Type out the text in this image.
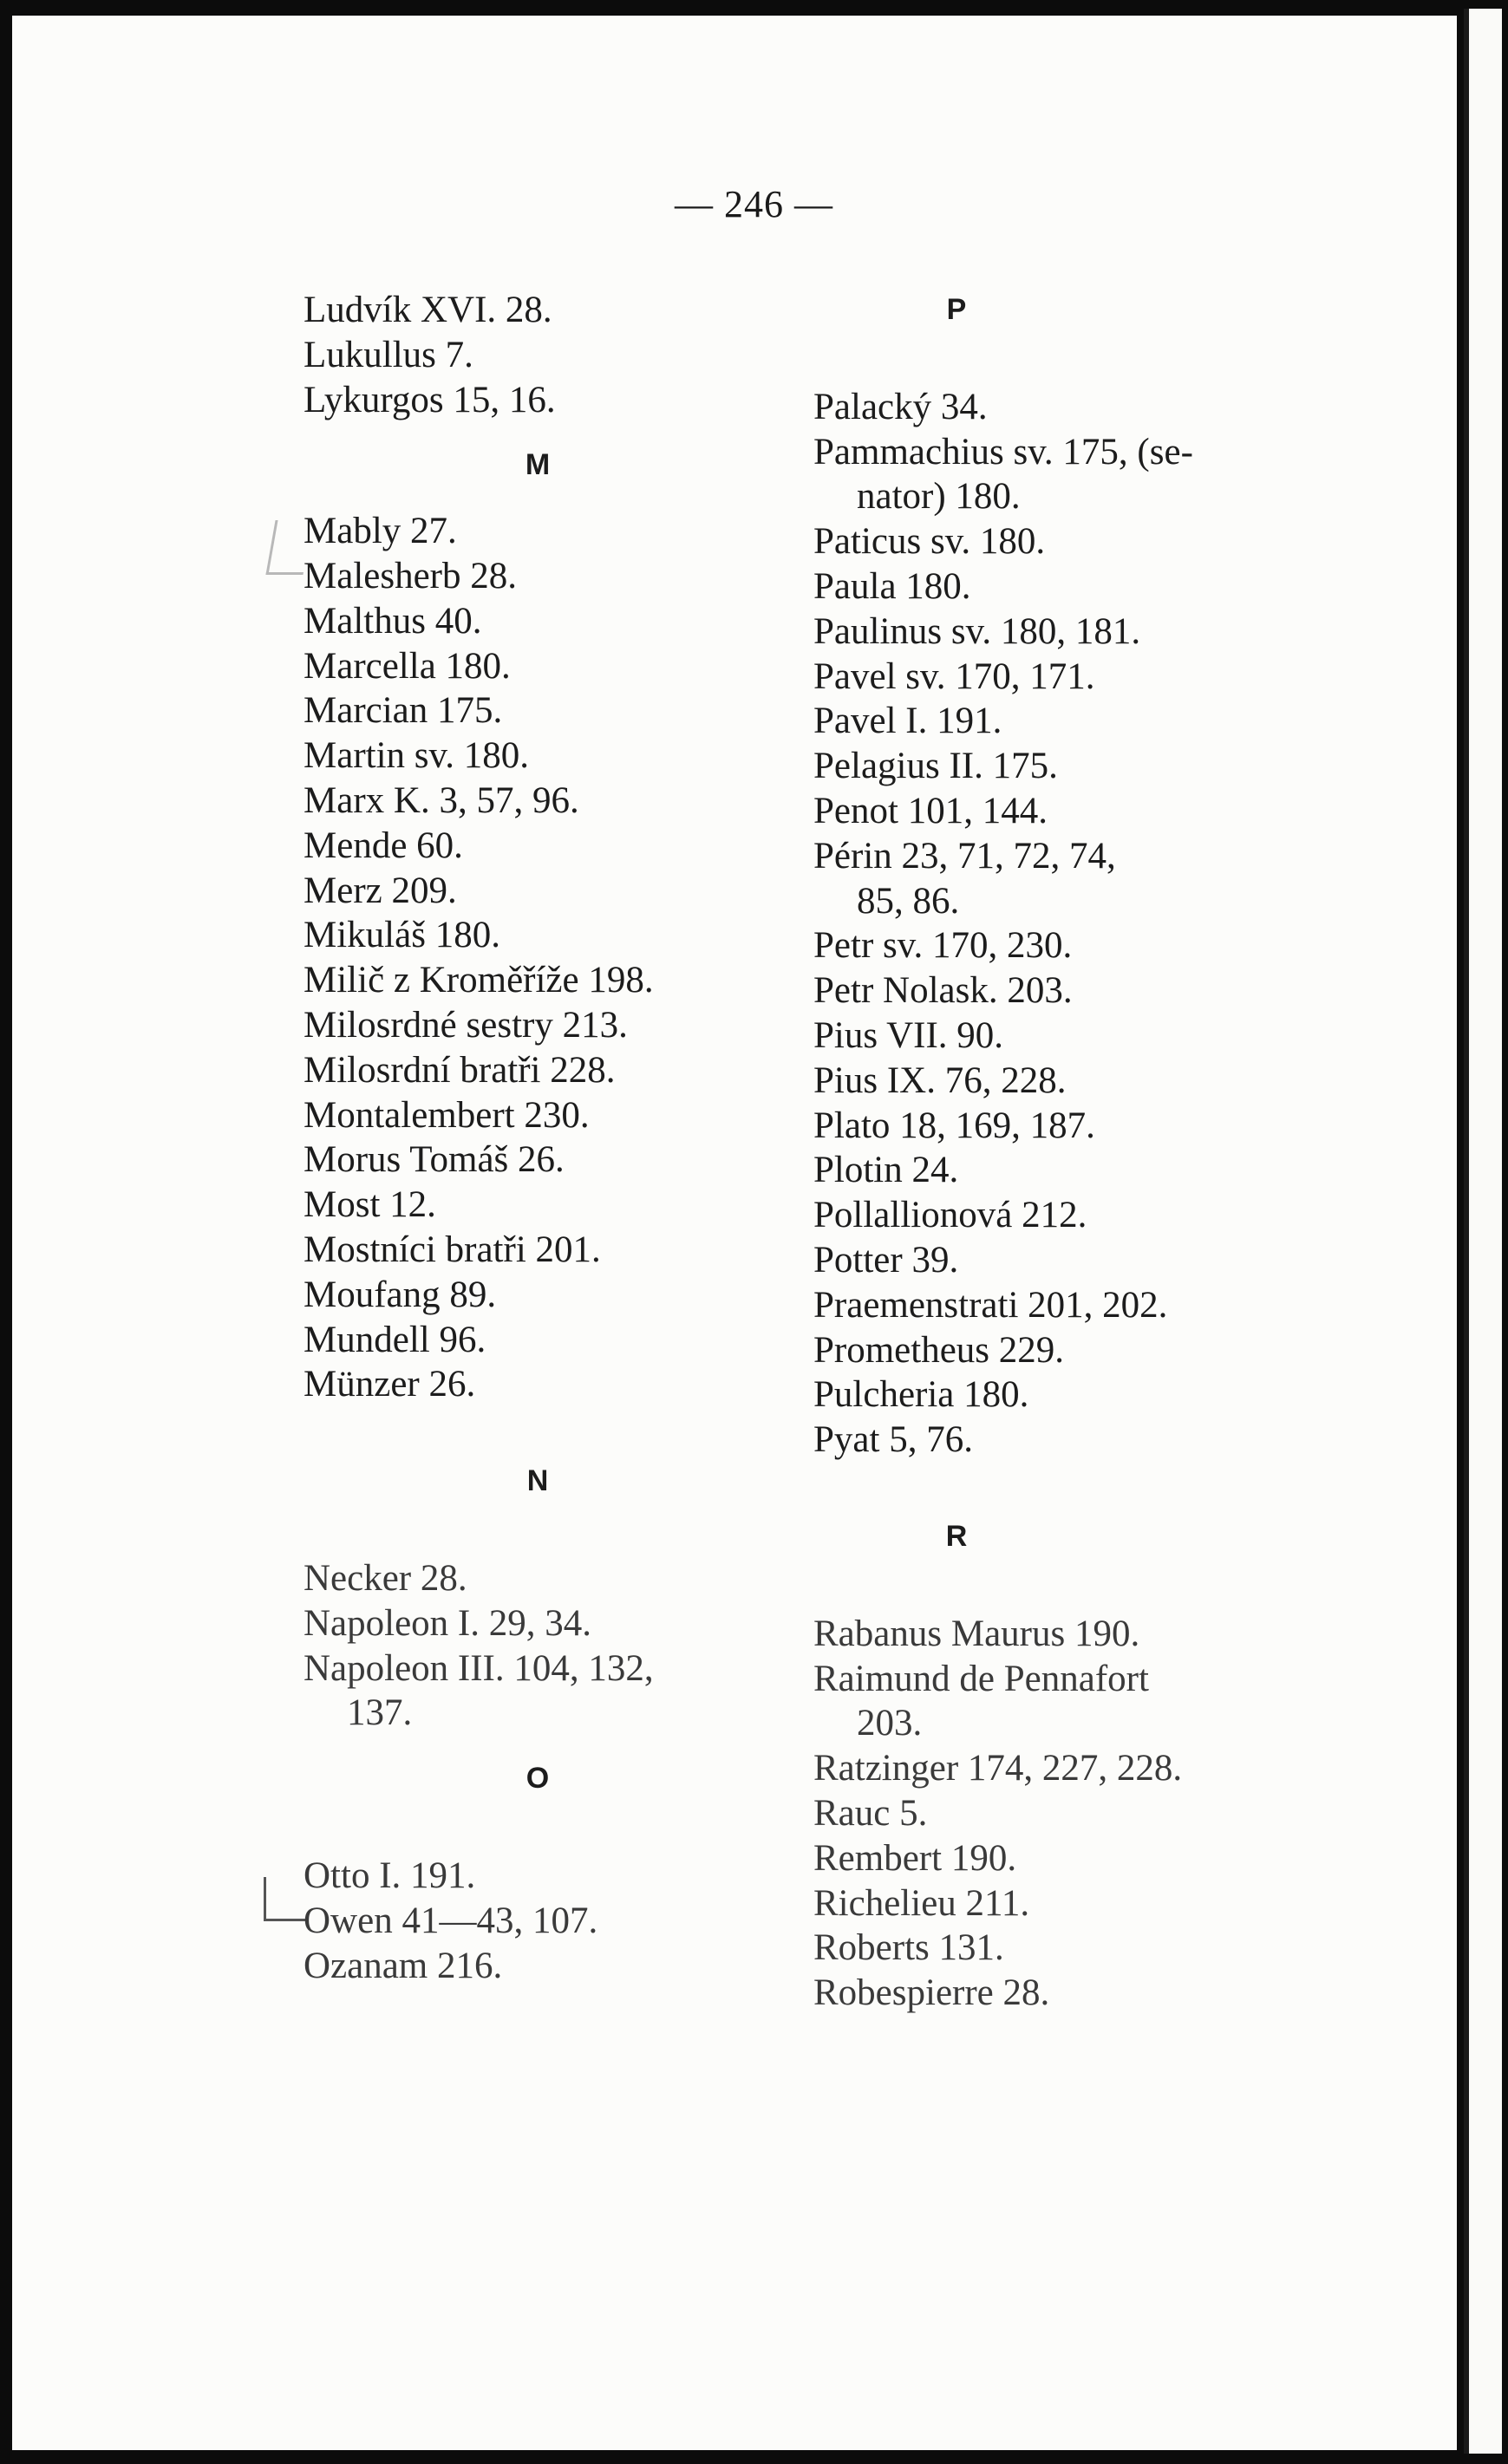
— 246 —
Ludvík XVI. 28.
Lukullus 7.
Lykurgos 15, 16.
M
Mably 27.
Malesherb 28.
Malthus 40.
Marcella 180.
Marcian 175.
Martin sv. 180.
Marx K. 3, 57, 96.
Mende 60.
Merz 209.
Mikuláš 180.
Milič z Kroměříže 198.
Milosrdné sestry 213.
Milosrdní bratři 228.
Montalembert 230.
Morus Tomáš 26.
Most 12.
Mostníci bratři 201.
Moufang 89.
Mundell 96.
Münzer 26.
N
Necker 28.
Napoleon I. 29, 34.
Napoleon III. 104, 132,
137.
O
Otto I. 191.
Owen 41—43, 107.
Ozanam 216.
P
Palacký 34.
Pammachius sv. 175, (se-
nator) 180.
Paticus sv. 180.
Paula 180.
Paulinus sv. 180, 181.
Pavel sv. 170, 171.
Pavel I. 191.
Pelagius II. 175.
Penot 101, 144.
Périn 23, 71, 72, 74,
85, 86.
Petr sv. 170, 230.
Petr Nolask. 203.
Pius VII. 90.
Pius IX. 76, 228.
Plato 18, 169, 187.
Plotin 24.
Pollallionová 212.
Potter 39.
Praemenstrati 201, 202.
Prometheus 229.
Pulcheria 180.
Pyat 5, 76.
R
Rabanus Maurus 190.
Raimund de Pennafort
203.
Ratzinger 174, 227, 228.
Rauc 5.
Rembert 190.
Richelieu 211.
Roberts 131.
Robespierre 28.
